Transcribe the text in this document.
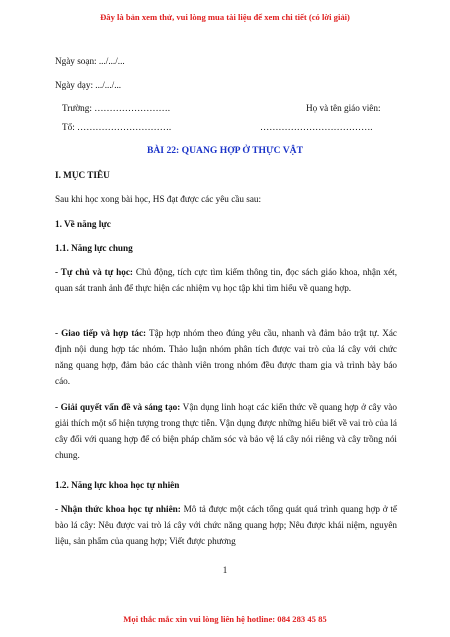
Đây là bản xem thử, vui lòng mua tài liệu để xem chi tiết (có lời giải)
Ngày soạn: .../.../...
Ngày dạy: .../.../...
Trường: …………………….	Họ và tên giáo viên:
Tổ: ………………………….	……………………………….
BÀI 22: QUANG HỢP Ở THỰC VẬT
I. MỤC TIÊU
Sau khi học xong bài học, HS đạt được các yêu cầu sau:
1. Về năng lực
1.1. Năng lực chung
- Tự chủ và tự học: Chủ động, tích cực tìm kiếm thông tin, đọc sách giáo khoa, nhận xét, quan sát tranh ảnh để thực hiện các nhiệm vụ học tập khi tìm hiểu về quang hợp.
- Giao tiếp và hợp tác: Tập hợp nhóm theo đúng yêu cầu, nhanh và đảm bảo trật tự. Xác định nội dung hợp tác nhóm. Thảo luận nhóm phân tích được vai trò của lá cây với chức năng quang hợp, đảm bảo các thành viên trong nhóm đều được tham gia và trình bày báo cáo.
- Giải quyết vấn đề và sáng tạo: Vận dụng linh hoạt các kiến thức về quang hợp ở cây vào giải thích một số hiện tượng trong thực tiễn. Vận dụng được những hiểu biết về vai trò của lá cây đối với quang hợp để có biện pháp chăm sóc và bảo vệ lá cây nói riêng và cây trồng nói chung.
1.2. Năng lực khoa học tự nhiên
- Nhận thức khoa học tự nhiên: Mô tả được một cách tổng quát quá trình quang hợp ở tế bào lá cây: Nêu được vai trò lá cây với chức năng quang hợp; Nêu được khái niệm, nguyên liệu, sản phẩm của quang hợp; Viết được phương
1
Mọi thắc mắc xin vui lòng liên hệ hotline: 084 283 45 85
